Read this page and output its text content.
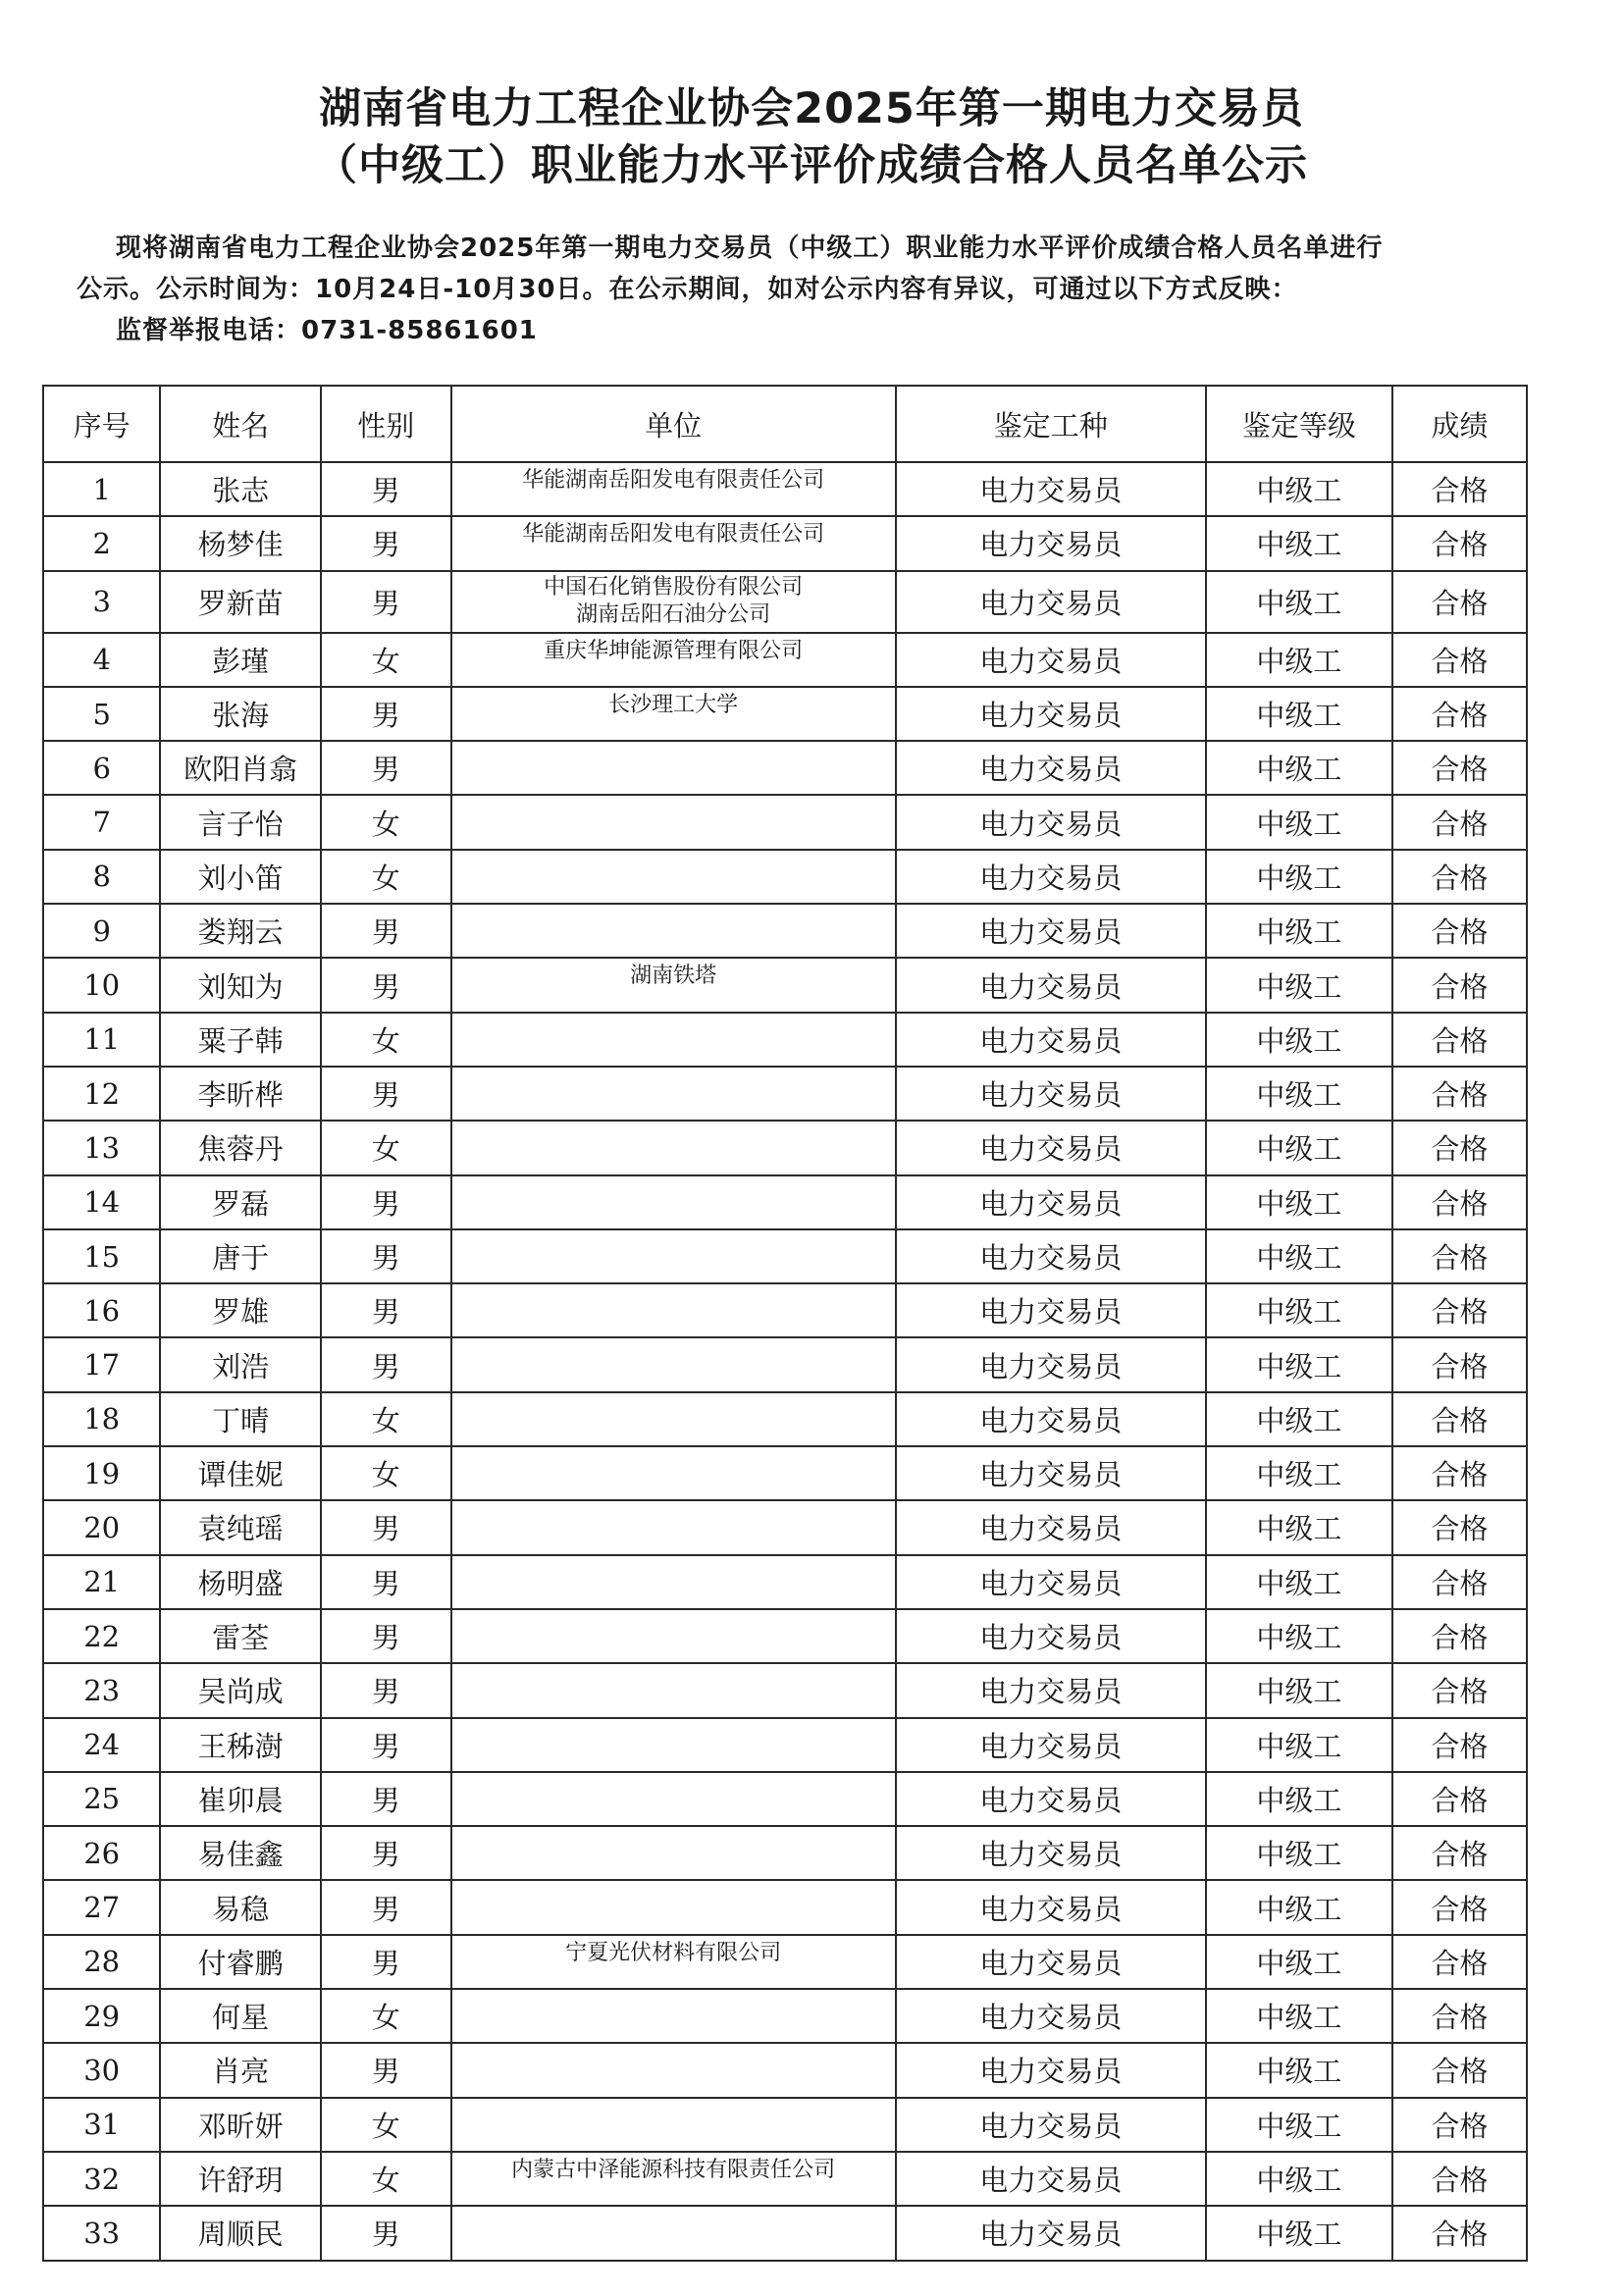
湖南省电力工程企业协会2025年第一期电力交易员
（中级工）职业能力水平评价成绩合格人员名单公示

现将湖南省电力工程企业协会2025年第一期电力交易员（中级工）职业能力水平评价成绩合格人员名单进行

公示。公示时间为：10月24日-10月30日。在公示期间，如对公示内容有异议，可通过以下方式反映：

监督举报电话：0731-85861601

序号	姓名	性别	单位	鉴定工种	鉴定等级	成绩
1	张志	男	华能湖南岳阳发电有限责任公司	电力交易员	中级工	合格
2	杨梦佳	男	华能湖南岳阳发电有限责任公司	电力交易员	中级工	合格
3	罗新苗	男	中国石化销售股份有限公司
湖南岳阳石油分公司	电力交易员	中级工	合格
4	彭瑾	女	重庆华坤能源管理有限公司	电力交易员	中级工	合格
5	张海	男	长沙理工大学	电力交易员	中级工	合格
6	欧阳肖翕	男		电力交易员	中级工	合格
7	言子怡	女		电力交易员	中级工	合格
8	刘小笛	女		电力交易员	中级工	合格
9	娄翔云	男		电力交易员	中级工	合格
10	刘知为	男	湖南铁塔	电力交易员	中级工	合格
11	粟子韩	女		电力交易员	中级工	合格
12	李昕桦	男		电力交易员	中级工	合格
13	焦蓉丹	女		电力交易员	中级工	合格
14	罗磊	男		电力交易员	中级工	合格
15	唐于	男		电力交易员	中级工	合格
16	罗雄	男		电力交易员	中级工	合格
17	刘浩	男		电力交易员	中级工	合格
18	丁晴	女		电力交易员	中级工	合格
19	谭佳妮	女		电力交易员	中级工	合格
20	袁纯瑶	男		电力交易员	中级工	合格
21	杨明盛	男		电力交易员	中级工	合格
22	雷荃	男		电力交易员	中级工	合格
23	吴尚成	男		电力交易员	中级工	合格
24	王秭澍	男		电力交易员	中级工	合格
25	崔卯晨	男		电力交易员	中级工	合格
26	易佳鑫	男		电力交易员	中级工	合格
27	易稳	男		电力交易员	中级工	合格
28	付睿鹏	男	宁夏光伏材料有限公司	电力交易员	中级工	合格
29	何星	女		电力交易员	中级工	合格
30	肖亮	男		电力交易员	中级工	合格
31	邓昕妍	女		电力交易员	中级工	合格
32	许舒玥	女	内蒙古中泽能源科技有限责任公司	电力交易员	中级工	合格
33	周顺民	男		电力交易员	中级工	合格
